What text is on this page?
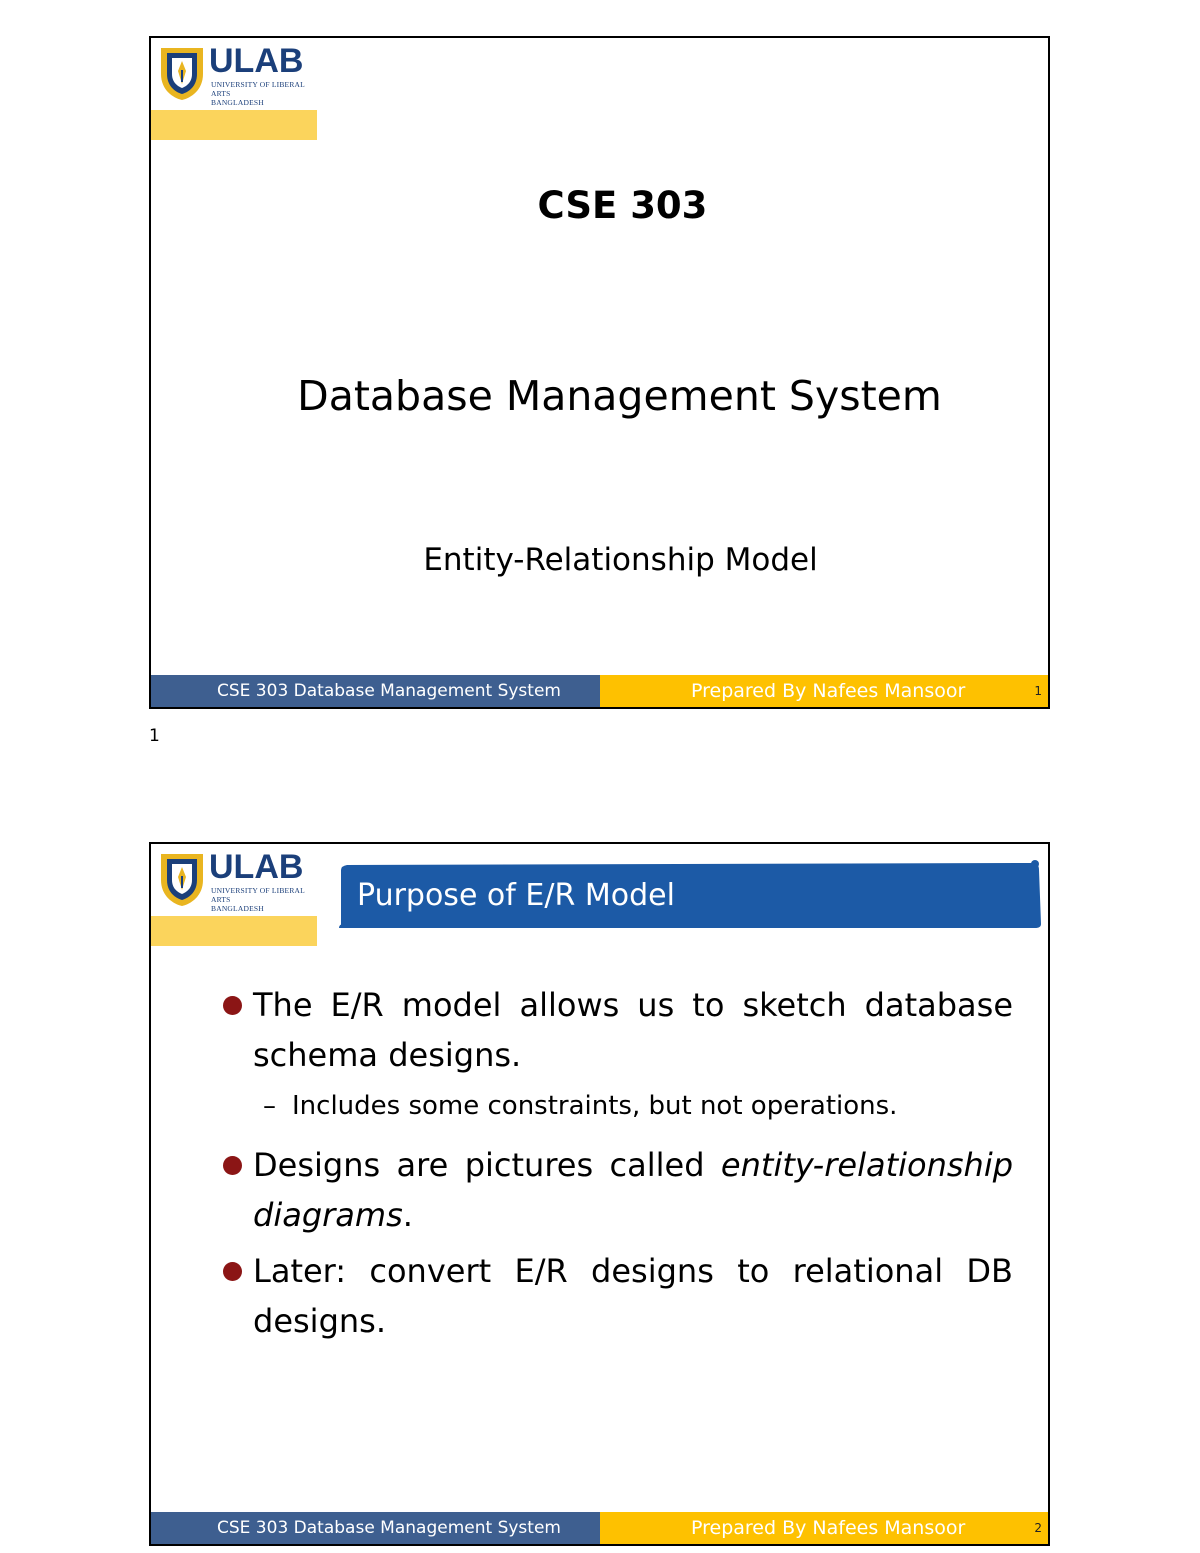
ULAB
UNIVERSITY OF LIBERAL ARTS
BANGLADESH
CSE 303
Database Management System
Entity-Relationship Model
CSE 303 Database Management System	Prepared By Nafees Mansoor	1
1
ULAB
UNIVERSITY OF LIBERAL ARTS
BANGLADESH	Purpose of E/R Model
The E/R model allows us to sketch database
schema designs.
– Includes some constraints, but not operations.
Designs are pictures called entity-relationship
diagrams.
Later: convert E/R designs to relational DB
designs.
CSE 303 Database Management System	Prepared By Nafees Mansoor	2
